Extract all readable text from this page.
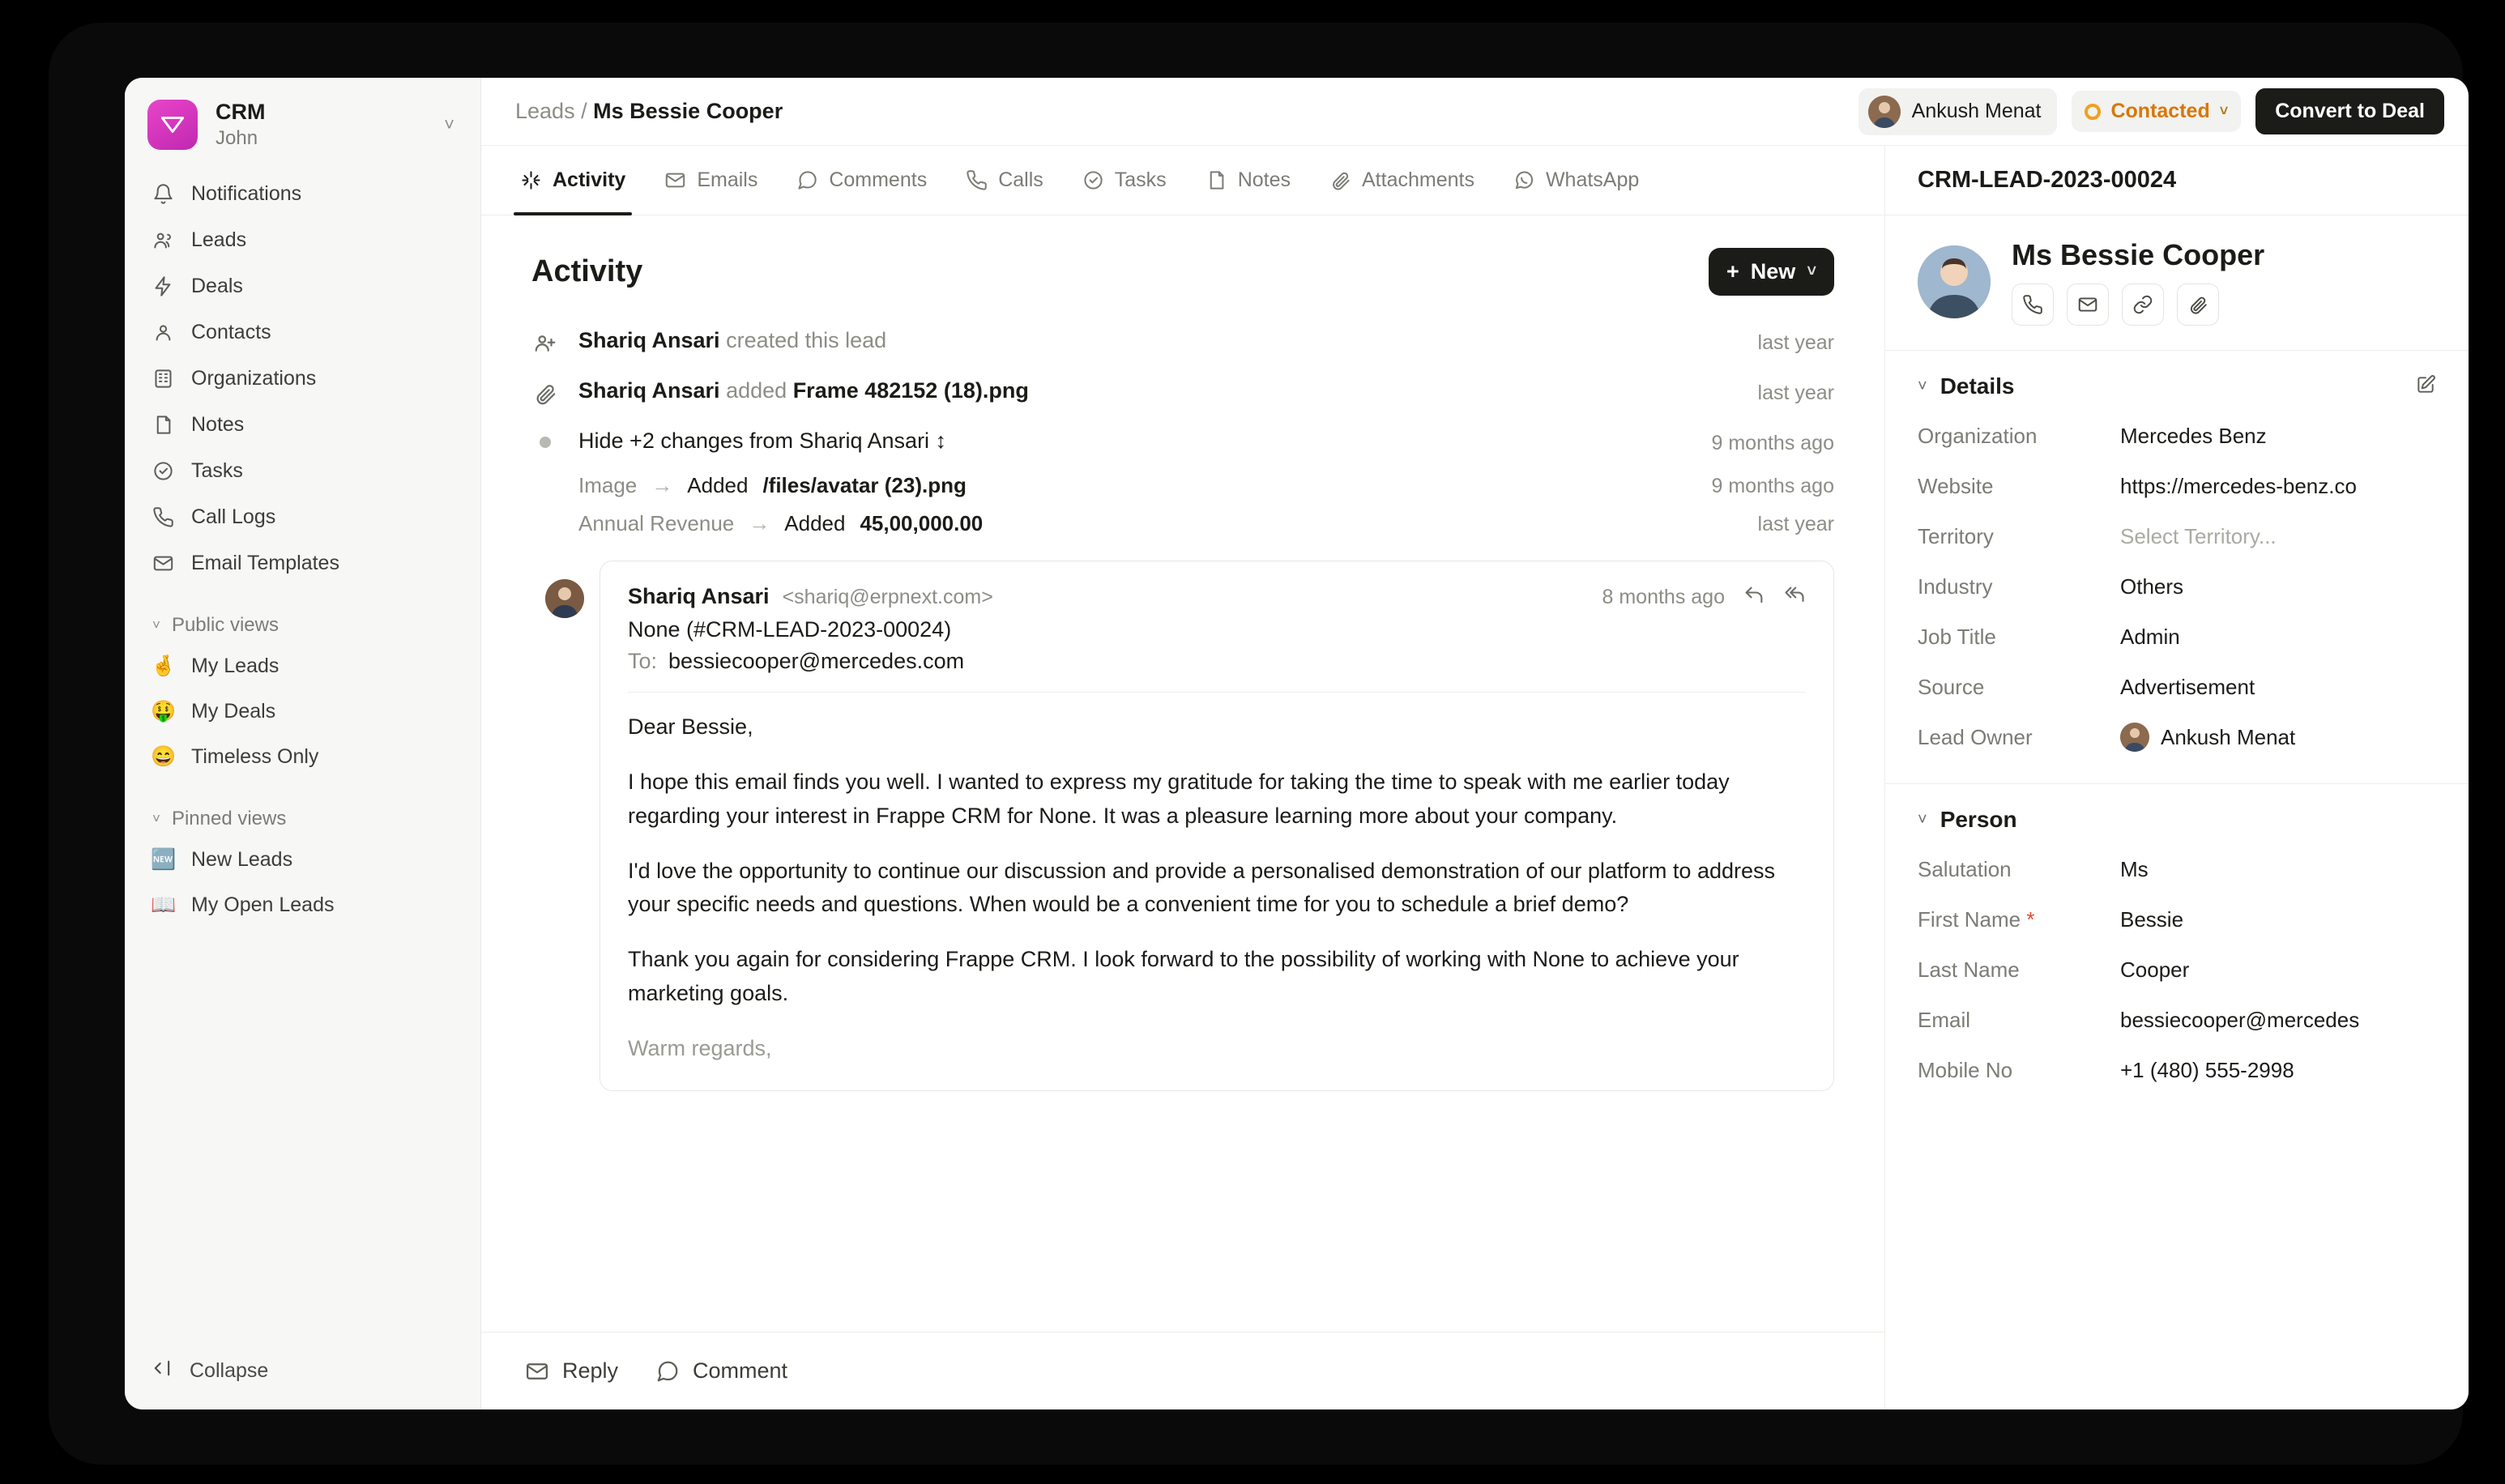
CRM
John
˅
Notifications
Leads
Deals
Contacts
Organizations
Notes
Tasks
Call Logs
Email Templates
˅ Public views
🤞 My Leads
🤑 My Deals
😄 Timeless Only
˅ Pinned views
🆕 New Leads
📖 My Open Leads
Collapse
Leads / Ms Bessie Cooper	Ankush Menat	Contacted ˅	Convert to Deal
Activity	Emails	Comments	Calls	Tasks	Notes	Attachments	WhatsApp
Activity	+ New ˅
Shariq Ansari created this lead	last year
Shariq Ansari added Frame 482152 (18).png	last year
Hide +2 changes from Shariq Ansari ↕	9 months ago
Image → Added /files/avatar (23).png	9 months ago
Annual Revenue → Added 45,00,000.00	last year
Shariq Ansari <shariq@erpnext.com>	8 months ago
None (#CRM-LEAD-2023-00024)
To: bessiecooper@mercedes.com

Dear Bessie,

I hope this email finds you well. I wanted to express my gratitude for taking the time to speak with me earlier today regarding your interest in Frappe CRM for None. It was a pleasure learning more about your company.

I'd love the opportunity to continue our discussion and provide a personalised demonstration of our platform to address your specific needs and questions. When would be a convenient time for you to schedule a brief demo?

Thank you again for considering Frappe CRM. I look forward to the possibility of working with None to achieve your marketing goals.

Warm regards,

Reply	Comment
CRM-LEAD-2023-00024
Ms Bessie Cooper
˅ Details
Organization	Mercedes Benz
Website	https://mercedes-benz.co
Territory	Select Territory...
Industry	Others
Job Title	Admin
Source	Advertisement
Lead Owner	Ankush Menat
˅ Person
Salutation	Ms
First Name *	Bessie
Last Name	Cooper
Email	bessiecooper@mercedes
Mobile No	+1 (480) 555-2998
